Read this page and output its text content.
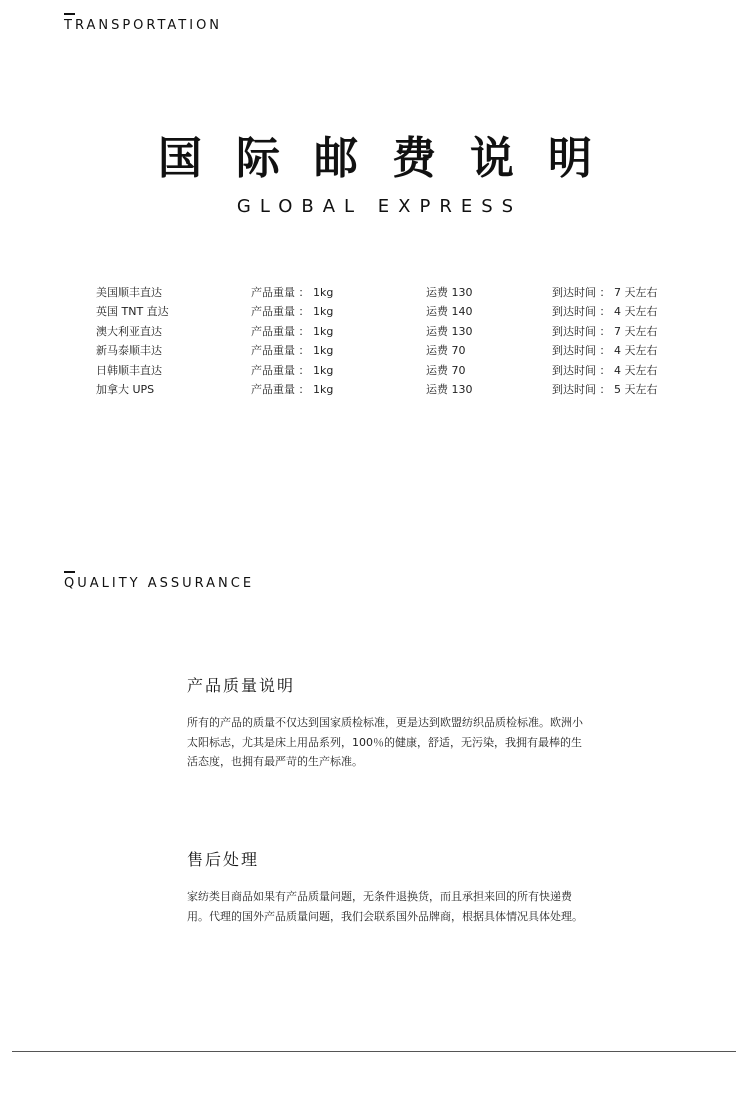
TRANSPORTATION
国际邮费说明
GLOBAL EXPRESS
美国顺丰直达	产品重量 ： 1kg	运费 130	到达时间 ： 7 天左右
英国 TNT 直达	产品重量 ： 1kg	运费 140	到达时间 ： 4 天左右
澳大利亚直达	产品重量 ： 1kg	运费 130	到达时间 ： 7 天左右
新马泰顺丰达	产品重量 ： 1kg	运费 70	到达时间 ： 4 天左右
日韩顺丰直达	产品重量 ： 1kg	运费 70	到达时间 ： 4 天左右
加拿大 UPS	产品重量 ： 1kg	运费 130	到达时间 ： 5 天左右
QUALITY ASSURANCE
产品质量说明
所有的产品的质量不仅达到国家质检标准，更是达到欧盟纺织品质检标准。欧洲小太阳标志，尤其是床上用品系列，100％的健康，舒适，无污染，我拥有最棒的生活态度，也拥有最严苛的生产标准。
售后处理
家纺类目商品如果有产品质量问题，无条件退换货，而且承担来回的所有快递费用。代理的国外产品质量问题，我们会联系国外品牌商，根据具体情况具体处理。
